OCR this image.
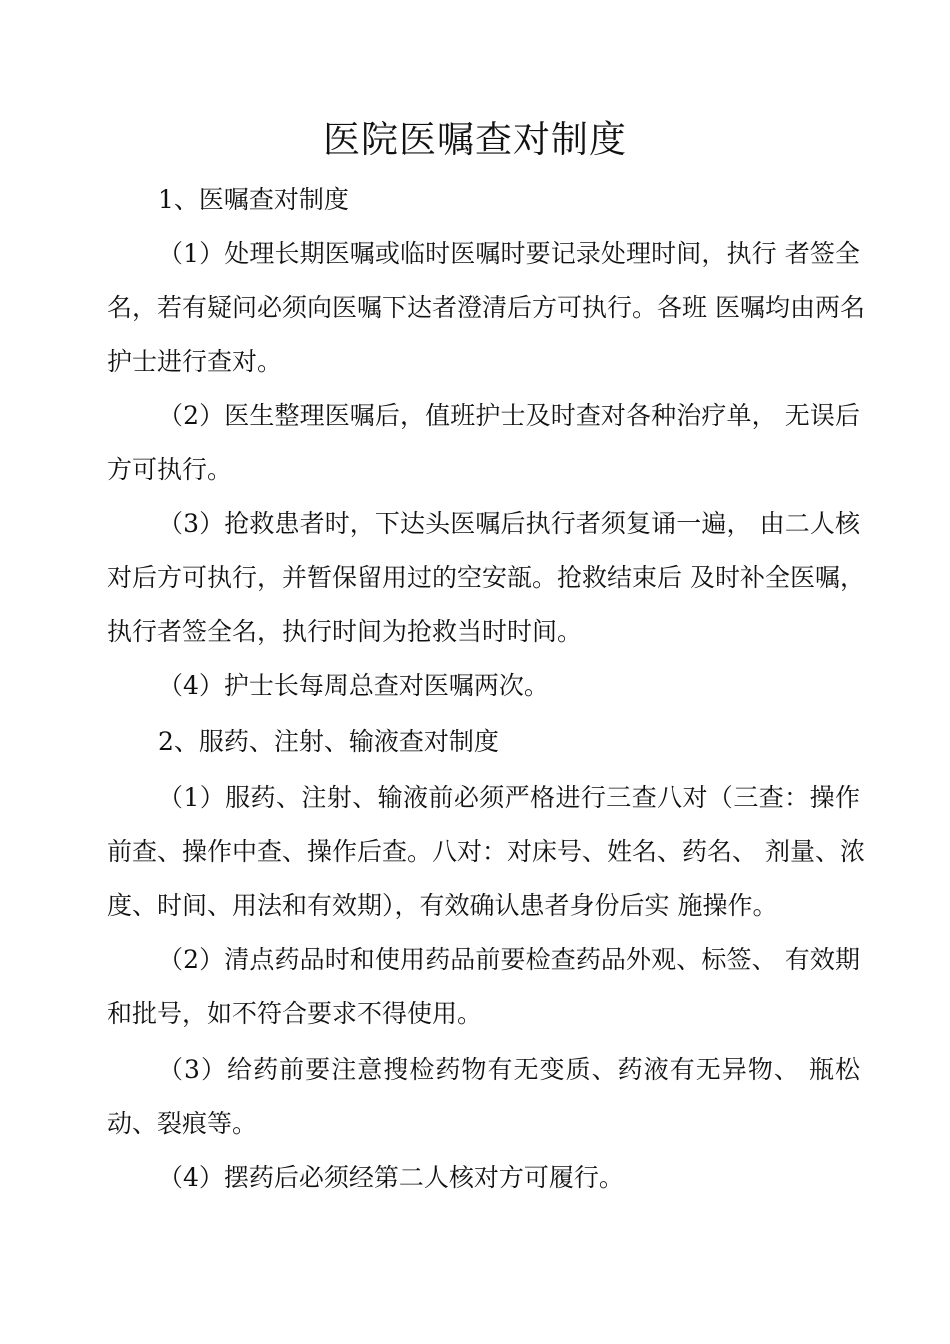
医院医嘱查对制度
1、医嘱查对制度
（1）处理长期医嘱或临时医嘱时要记录处理时间，执行 者签全
名，若有疑问必须向医嘱下达者澄清后方可执行。各班 医嘱均由两名
护士进行查对。
（2）医生整理医嘱后，值班护士及时查对各种治疗单， 无误后
方可执行。
（3）抢救患者时，下达头医嘱后执行者须复诵一遍， 由二人核
对后方可执行，并暂保留用过的空安瓿。抢救结束后 及时补全医嘱，
执行者签全名，执行时间为抢救当时时间。
（4）护士长每周总查对医嘱两次。
2、服药、注射、输液查对制度
（1）服药、注射、输液前必须严格进行三查八对（三查：操作
前查、操作中查、操作后查。八对：对床号、姓名、药名、 剂量、浓
度、时间、用法和有效期），有效确认患者身份后实 施操作。
（2）清点药品时和使用药品前要检查药品外观、标签、 有效期
和批号，如不符合要求不得使用。
（3）给药前要注意搜检药物有无变质、药液有无异物、 瓶松
动、裂痕等。
（4）摆药后必须经第二人核对方可履行。
